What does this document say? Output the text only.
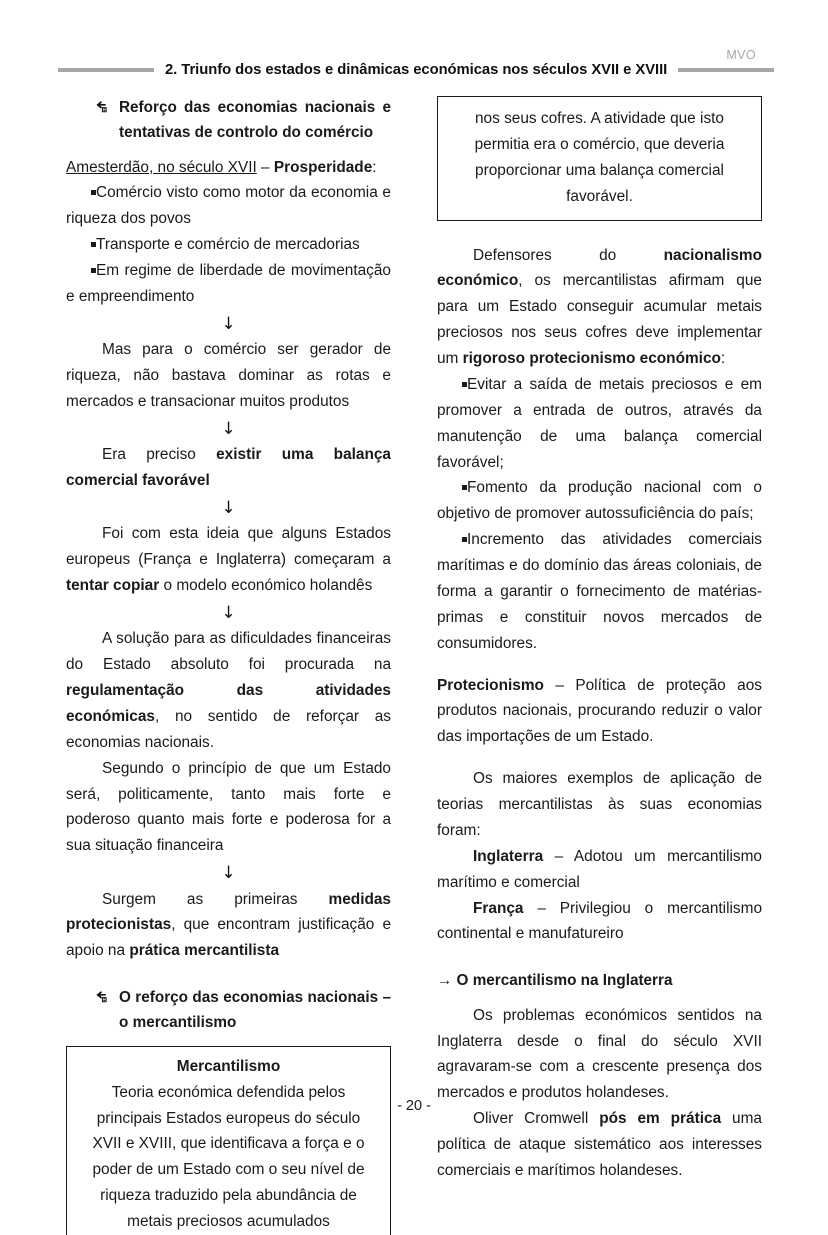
MVO
2. Triunfo dos estados e dinâmicas económicas nos séculos XVII e XVIII
Reforço das economias nacionais e tentativas de controlo do comércio

Amesterdão, no século XVII – Prosperidade:

Comércio visto como motor da economia e riqueza dos povos

Transporte e comércio de mercadorias

Em regime de liberdade de movimentação e empreendimento

↓

Mas para o comércio ser gerador de riqueza, não bastava dominar as rotas e mercados e transacionar muitos produtos

↓

Era preciso existir uma balança comercial favorável

↓

Foi com esta ideia que alguns Estados europeus (França e Inglaterra) começaram a tentar copiar o modelo económico holandês

↓

A solução para as dificuldades financeiras do Estado absoluto foi procurada na regulamentação das atividades económicas, no sentido de reforçar as economias nacionais.

Segundo o princípio de que um Estado será, politicamente, tanto mais forte e poderoso quanto mais forte e poderosa for a sua situação financeira

↓

Surgem as primeiras medidas protecionistas, que encontram justificação e apoio na prática mercantilista

O reforço das economias nacionais – o mercantilismo
Mercantilismo

Teoria económica defendida pelos principais Estados europeus do século XVII e XVIII, que identificava a força e o poder de um Estado com o seu nível de riqueza traduzido pela abundância de metais preciosos acumulados

nos seus cofres. A atividade que isto permitia era o comércio, que deveria proporcionar uma balança comercial favorável.

Defensores do nacionalismo económico, os mercantilistas afirmam que para um Estado conseguir acumular metais preciosos nos seus cofres deve implementar um rigoroso protecionismo económico:

Evitar a saída de metais preciosos e em promover a entrada de outros, através da manutenção de uma balança comercial favorável;

Fomento da produção nacional com o objetivo de promover autossuficiência do país;

Incremento das atividades comerciais marítimas e do domínio das áreas coloniais, de forma a garantir o fornecimento de matérias-primas e constituir novos mercados de consumidores.

Protecionismo – Política de proteção aos produtos nacionais, procurando reduzir o valor das importações de um Estado.

Os maiores exemplos de aplicação de teorias mercantilistas às suas economias foram:

Inglaterra – Adotou um mercantilismo marítimo e comercial

França – Privilegiou o mercantilismo continental e manufatureiro

→ O mercantilismo na Inglaterra

Os problemas económicos sentidos na Inglaterra desde o final do século XVII agravaram-se com a crescente presença dos mercados e produtos holandeses.

Oliver Cromwell pós em prática uma política de ataque sistemático aos interesses comerciais e marítimos holandeses.

- 20 -
